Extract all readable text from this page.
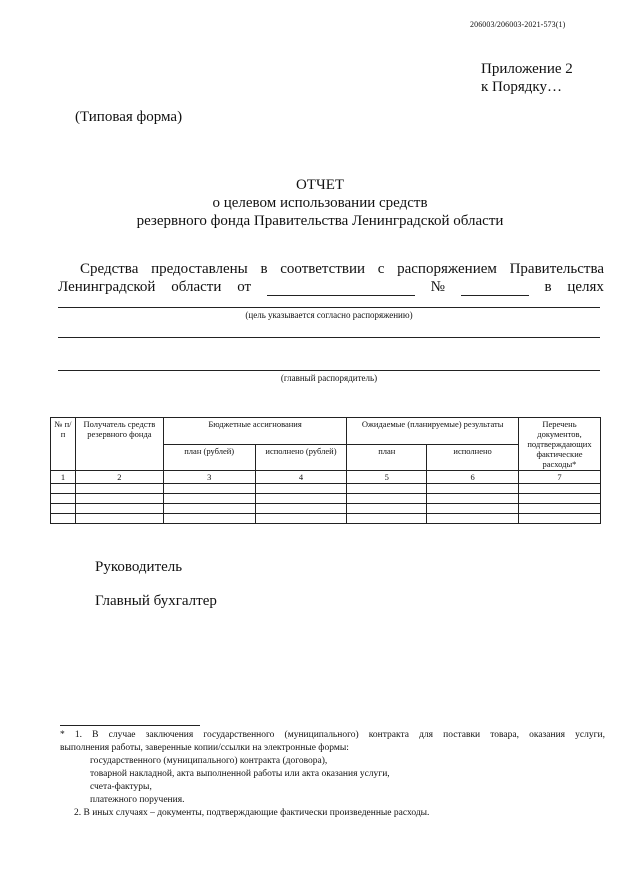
206003/206003-2021-573(1)
Приложение 2
к Порядку…
(Типовая форма)
ОТЧЕТ
о целевом использовании средств
резервного фонда Правительства Ленинградской области
Средства предоставлены в соответствии с распоряжением Правительства
Ленинградской области от	№	в целях
(цель указывается согласно распоряжению)
(главный распорядитель)
№ п/п	Получатель средств резервного фонда	Бюджетные ассигнования		Ожидаемые (планируемые) результаты		Перечень документов, подтверждающих фактические расходы*
		план (рублей)	исполнено (рублей)	план	исполнено	
1	2	3	4	5	6	7

Руководитель
Главный бухгалтер
* 1. В случае заключения государственного (муниципального) контракта для поставки товара, оказания услуги,
выполнения работы, заверенные копии/ссылки на электронные формы:
государственного (муниципального) контракта (договора),
товарной накладной, акта выполненной работы или акта оказания услуги,
счета-фактуры,
платежного поручения.
2. В иных случаях – документы, подтверждающие фактически произведенные расходы.
